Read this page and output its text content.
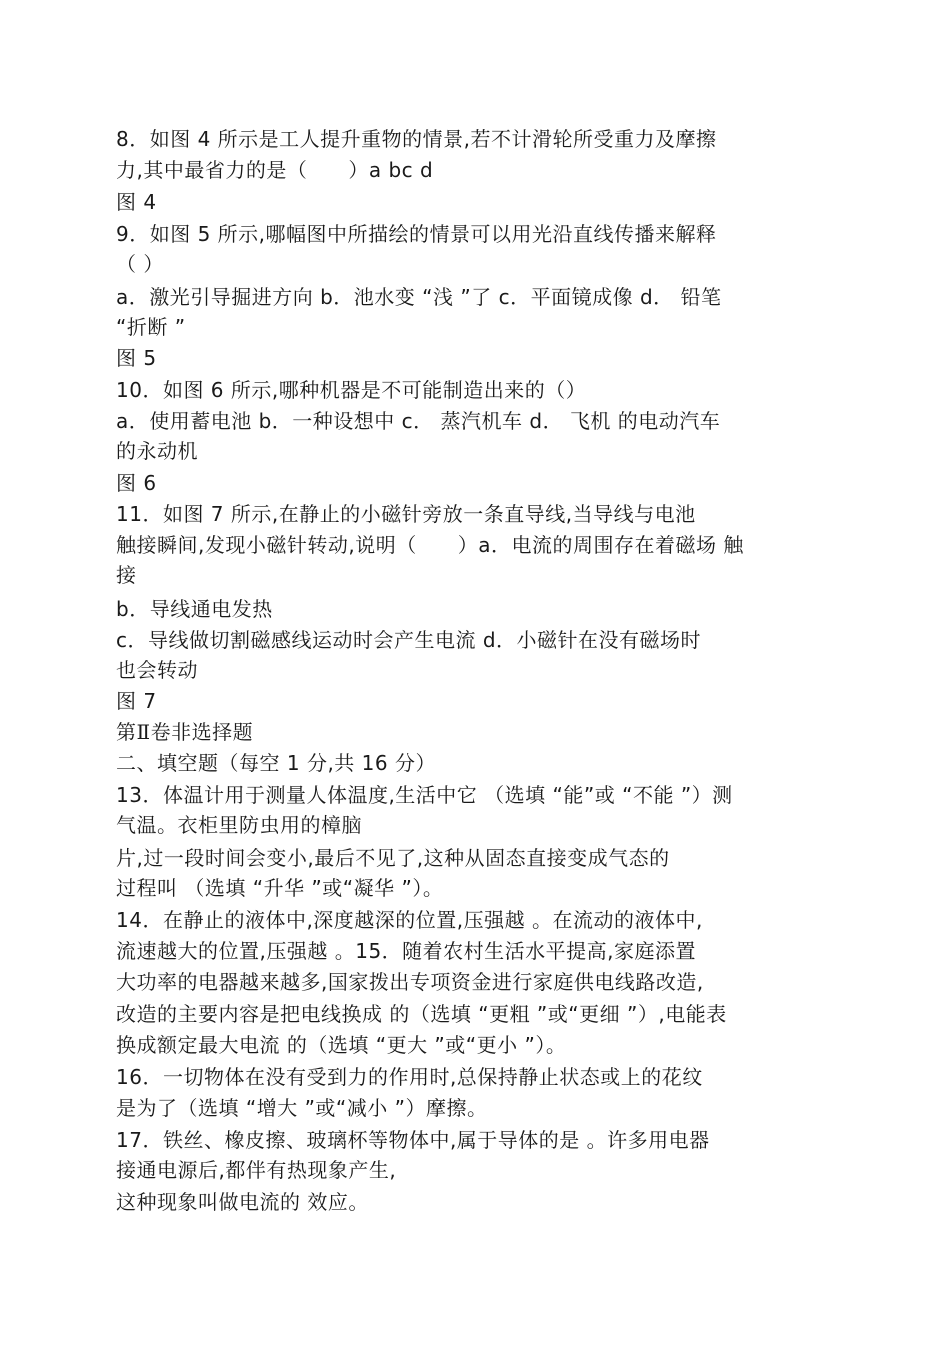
8．如图 4 所示是工人提升重物的情景,若不计滑轮所受重力及摩擦

力,其中最省力的是（　　）a bc d

图 4

9．如图 5 所示,哪幅图中所描绘的情景可以用光沿直线传播来解释

（ ）

a．激光引导掘进方向 b．池水变 “浅 ”了 c．平面镜成像 d． 铅笔

“折断 ”

图 5

10．如图 6 所示,哪种机器是不可能制造出来的（）

a．使用蓄电池 b．一种设想中 c． 蒸汽机车 d． 飞机 的电动汽车

的永动机

图 6

11．如图 7 所示,在静止的小磁针旁放一条直导线,当导线与电池

触接瞬间,发现小磁针转动,说明（　　）a．电流的周围存在着磁场 触

接

b．导线通电发热

c．导线做切割磁感线运动时会产生电流 d．小磁针在没有磁场时

也会转动

图 7

第Ⅱ卷非选择题

二、填空题（每空 1 分,共 16 分）

13．体温计用于测量人体温度,生活中它 （选填 “能”或 “不能 ”）测

气温。衣柜里防虫用的樟脑

片,过一段时间会变小,最后不见了,这种从固态直接变成气态的

过程叫 （选填 “升华 ”或“凝华 ”）。

14．在静止的液体中,深度越深的位置,压强越 。在流动的液体中,

流速越大的位置,压强越 。15．随着农村生活水平提高,家庭添置

大功率的电器越来越多,国家拨出专项资金进行家庭供电线路改造,

改造的主要内容是把电线换成 的（选填 “更粗 ”或“更细 ”）,电能表

换成额定最大电流 的（选填 “更大 ”或“更小 ”）。

16．一切物体在没有受到力的作用时,总保持静止状态或上的花纹

是为了（选填 “增大 ”或“减小 ”）摩擦。

17．铁丝、橡皮擦、玻璃杯等物体中,属于导体的是 。许多用电器

接通电源后,都伴有热现象产生,

这种现象叫做电流的 效应。
